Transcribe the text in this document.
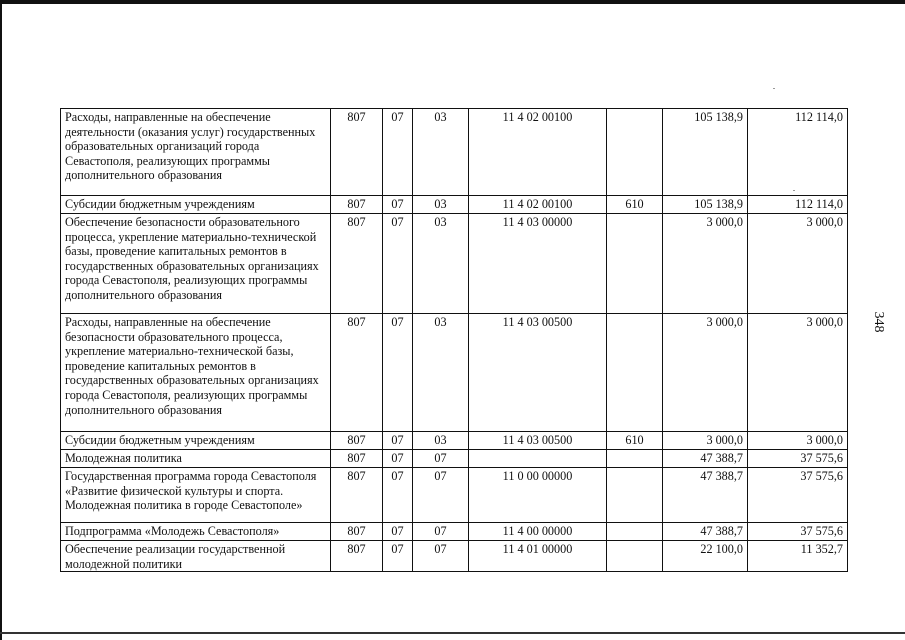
Расходы, направленные на обеспечение деятельности (оказания услуг) государственных образовательных организаций города Севастополя, реализующих программы дополнительного образования	807	07	03	11 4 02 00100		105 138,9	112 114,0
Субсидии бюджетным учреждениям	807	07	03	11 4 02 00100	610	105 138,9	112 114,0
Обеспечение безопасности образовательного процесса, укрепление материально-технической базы, проведение капитальных ремонтов в государственных образовательных организациях города Севастополя, реализующих программы дополнительного образования	807	07	03	11 4 03 00000		3 000,0	3 000,0
Расходы, направленные на обеспечение безопасности образовательного процесса, укрепление материально-технической базы, проведение капитальных ремонтов в государственных образовательных организациях города Севастополя, реализующих программы дополнительного образования	807	07	03	11 4 03 00500		3 000,0	3 000,0
Субсидии бюджетным учреждениям	807	07	03	11 4 03 00500	610	3 000,0	3 000,0
Молодежная политика	807	07	07			47 388,7	37 575,6
Государственная программа города Севастополя «Развитие физической культуры и спорта. Молодежная политика в городе Севастополе»	807	07	07	11 0 00 00000		47 388,7	37 575,6
Подпрограмма «Молодежь Севастополя»	807	07	07	11 4 00 00000		47 388,7	37 575,6
Обеспечение реализации государственной молодежной политики	807	07	07	11 4 01 00000		22 100,0	11 352,7
348
